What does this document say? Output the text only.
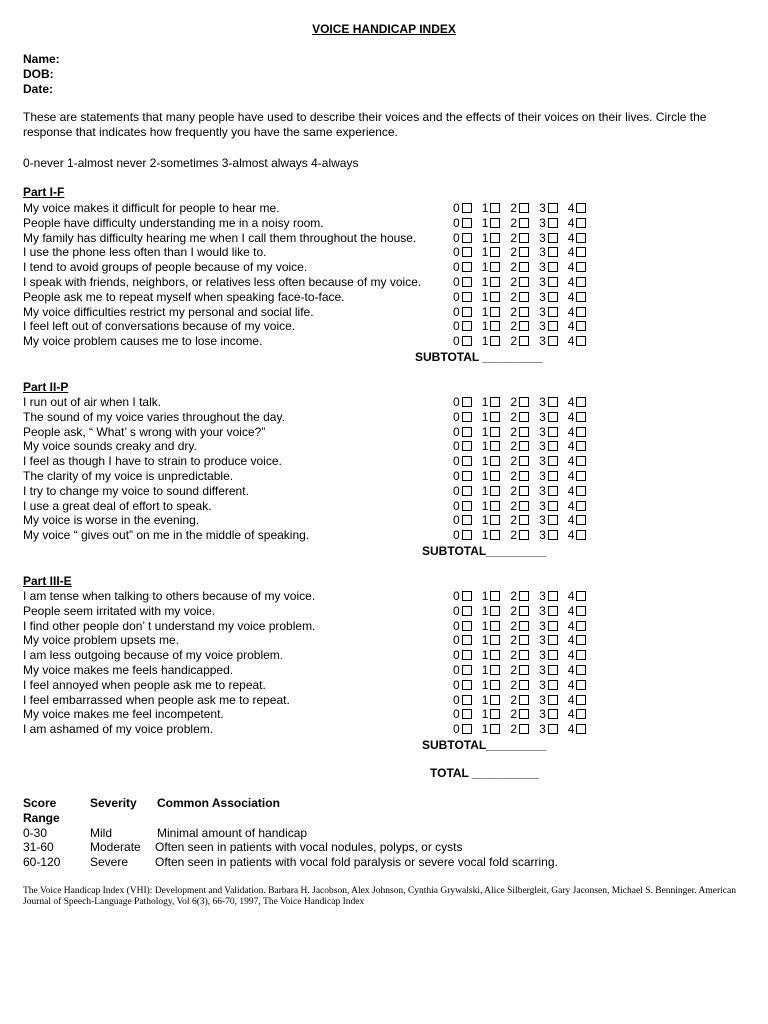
VOICE HANDICAP INDEX
Name:
DOB:
Date:
These are statements that many people have used to describe their voices and the effects of their voices on their lives. Circle the response that indicates how frequently you have the same experience.
0-never 1-almost never 2-sometimes 3-almost always 4-always
Part I-F
My voice makes it difficult for people to hear me.	0 1 2 3 4
People have difficulty understanding me in a noisy room.	0 1 2 3 4
My family has difficulty hearing me when I call them throughout the house.	0 1 2 3 4
I use the phone less often than I would like to.	0 1 2 3 4
I tend to avoid groups of people because of my voice.	0 1 2 3 4
I speak with friends, neighbors, or relatives less often because of my voice.	0 1 2 3 4
People ask me to repeat myself when speaking face-to-face.	0 1 2 3 4
My voice difficulties restrict my personal and social life.	0 1 2 3 4
I feel left out of conversations because of my voice.	0 1 2 3 4
My voice problem causes me to lose income.	0 1 2 3 4
SUBTOTAL _________
Part II-P
I run out of air when I talk.	0 1 2 3 4
The sound of my voice varies throughout the day.	0 1 2 3 4
People ask, “ What’ s wrong with your voice?”	0 1 2 3 4
My voice sounds creaky and dry.	0 1 2 3 4
I feel as though I have to strain to produce voice.	0 1 2 3 4
The clarity of my voice is unpredictable.	0 1 2 3 4
I try to change my voice to sound different.	0 1 2 3 4
I use a great deal of effort to speak.	0 1 2 3 4
My voice is worse in the evening.	0 1 2 3 4
My voice “ gives out” on me in the middle of speaking.	0 1 2 3 4
SUBTOTAL_________
Part III-E
I am tense when talking to others because of my voice.	0 1 2 3 4
People seem irritated with my voice.	0 1 2 3 4
I find other people don’ t understand my voice problem.	0 1 2 3 4
My voice problem upsets me.	0 1 2 3 4
I am less outgoing because of my voice problem.	0 1 2 3 4
My voice makes me feels handicapped.	0 1 2 3 4
I feel annoyed when people ask me to repeat.	0 1 2 3 4
I feel embarrassed when people ask me to repeat.	0 1 2 3 4
My voice makes me feel incompetent.	0 1 2 3 4
I am ashamed of my voice problem.	0 1 2 3 4
SUBTOTAL_________
TOTAL __________
Score	Severity Common Association
Range
0-30	Mild	Minimal amount of handicap
31-60	Moderate Often seen in patients with vocal nodules, polyps, or cysts
60-120 Severe Often seen in patients with vocal fold paralysis or severe vocal fold scarring.
The Voice Handicap Index (VHI): Development and Validation. Barbara H. Jacobson, Alex Johnson, Cynthia Grywalski, Alice Silbergleit, Gary Jaconsen, Michael S. Benninger. American Journal of Speech-Language Pathology, Vol 6(3), 66-70, 1997, The Voice Handicap Index
